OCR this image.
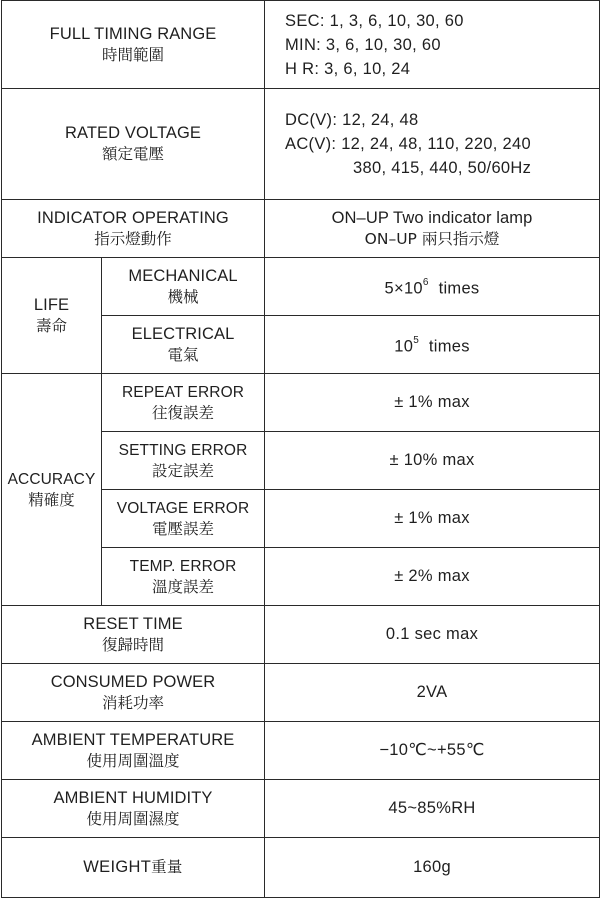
FULL TIMING RANGE
時間範圍		SEC: 1, 3, 6, 10, 30, 60
MIN: 3, 6, 10, 30, 60
H R: 3, 6, 10, 24

RATED VOLTAGE
額定電壓		DC(V): 12, 24, 48
AC(V): 12, 24, 48, 110, 220, 240
380, 415, 440, 50/60Hz

INDICATOR OPERATING
指示燈動作		ON–UP Two indicator lamp
ON–UP 兩只指示燈

LIFE
壽命	MECHANICAL
機械	$5\times 10^6$ times

	ELECTRICAL
電氣	$10^5$ times

ACCURACY
精確度	REPEAT ERROR
往復誤差	± 1% max

	SETTING ERROR
設定誤差	± 10% max

	VOLTAGE ERROR
電壓誤差	± 1% max

	TEMP. ERROR
溫度誤差	± 2% max

RESET TIME
復歸時間		0.1 sec max

CONSUMED POWER
消耗功率		2VA

AMBIENT TEMPERATURE
使用周圍溫度		−10℃~+55℃

AMBIENT HUMIDITY
使用周圍濕度		45~85%RH
WEIGHT重量		160g
